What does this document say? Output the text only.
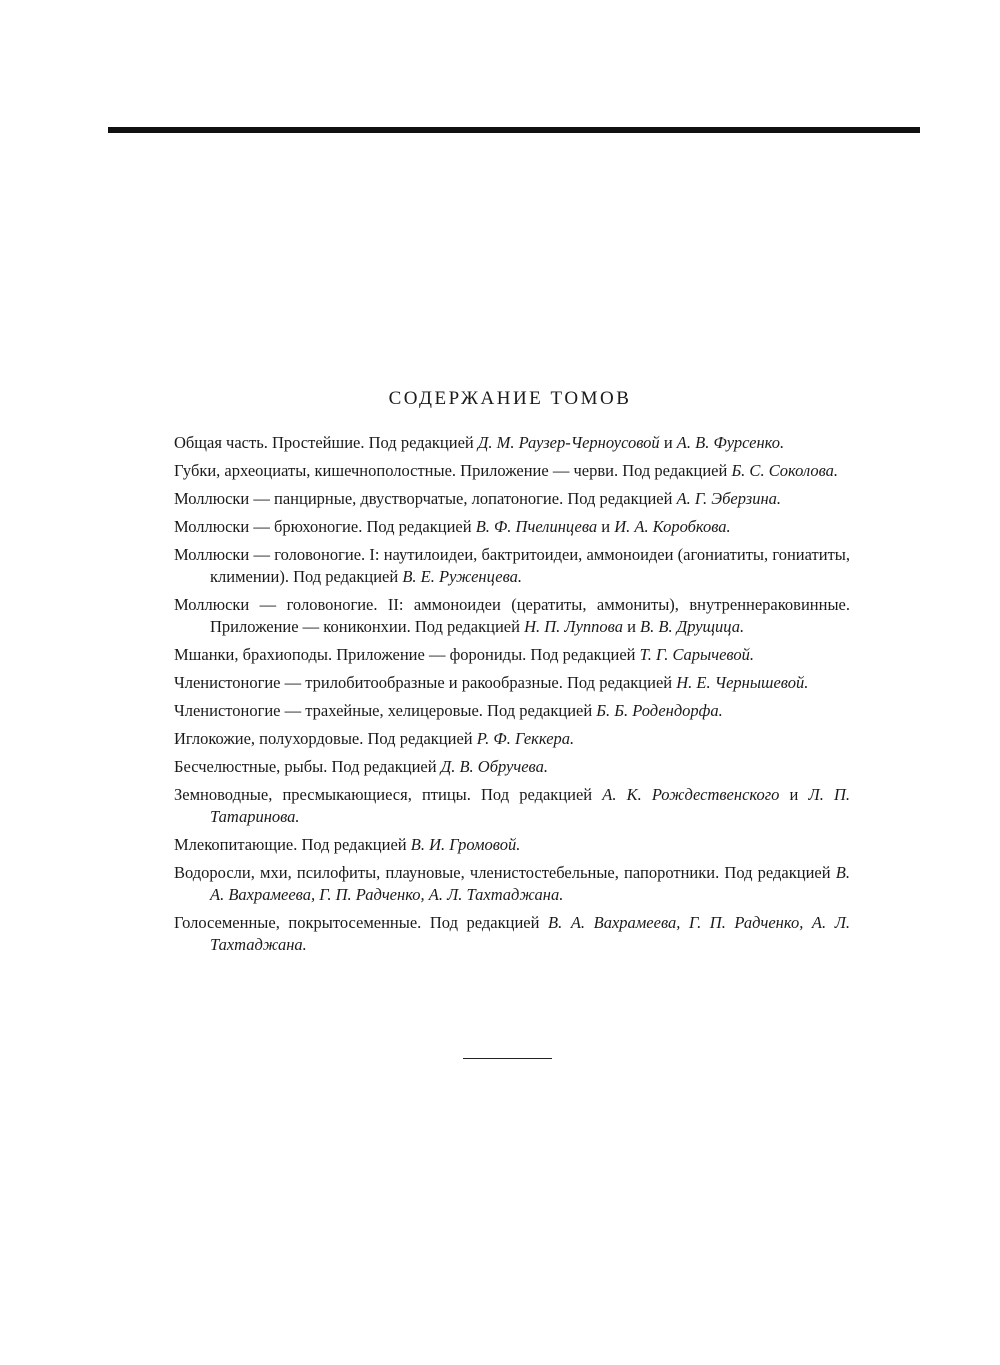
СОДЕРЖАНИЕ ТОМОВ

Общая часть. Простейшие. Под редакцией Д. М. Раузер-Черноусовой и А. В. Фурсенко.

Губки, археоциаты, кишечнополостные. Приложение — черви. Под редакцией Б. С. Соколова.

Моллюски — панцирные, двустворчатые, лопатоногие. Под редакцией А. Г. Эберзина.

Моллюски — брюхоногие. Под редакцией В. Ф. Пчелинцева и И. А. Коробкова.

Моллюски — головоногие. I: наутилоидеи, бактритоидеи, аммоноидеи (агониатиты, гониатиты, климении). Под редакцией В. Е. Руженцева.

Моллюски — головоногие. II: аммоноидеи (цератиты, аммониты), внутреннераковинные. Приложение — кониконхии. Под редакцией Н. П. Луппова и В. В. Друщица.

Мшанки, брахиоподы. Приложение — форониды. Под редакцией Т. Г. Сарычевой.

Членистоногие — трилобитообразные и ракообразные. Под редакцией Н. Е. Чернышевой.

Членистоногие — трахейные, хелицеровые. Под редакцией Б. Б. Родендорфа.

Иглокожие, полухордовые. Под редакцией Р. Ф. Геккера.

Бесчелюстные, рыбы. Под редакцией Д. В. Обручева.

Земноводные, пресмыкающиеся, птицы. Под редакцией А. К. Рождественского и Л. П. Татаринова.

Млекопитающие. Под редакцией В. И. Громовой.

Водоросли, мхи, псилофиты, плауновые, членистостебельные, папоротники. Под редакцией В. А. Вахрамеева, Г. П. Радченко, А. Л. Тахтаджана.

Голосеменные, покрытосеменные. Под редакцией В. А. Вахрамеева, Г. П. Радченко, А. Л. Тахтаджана.
